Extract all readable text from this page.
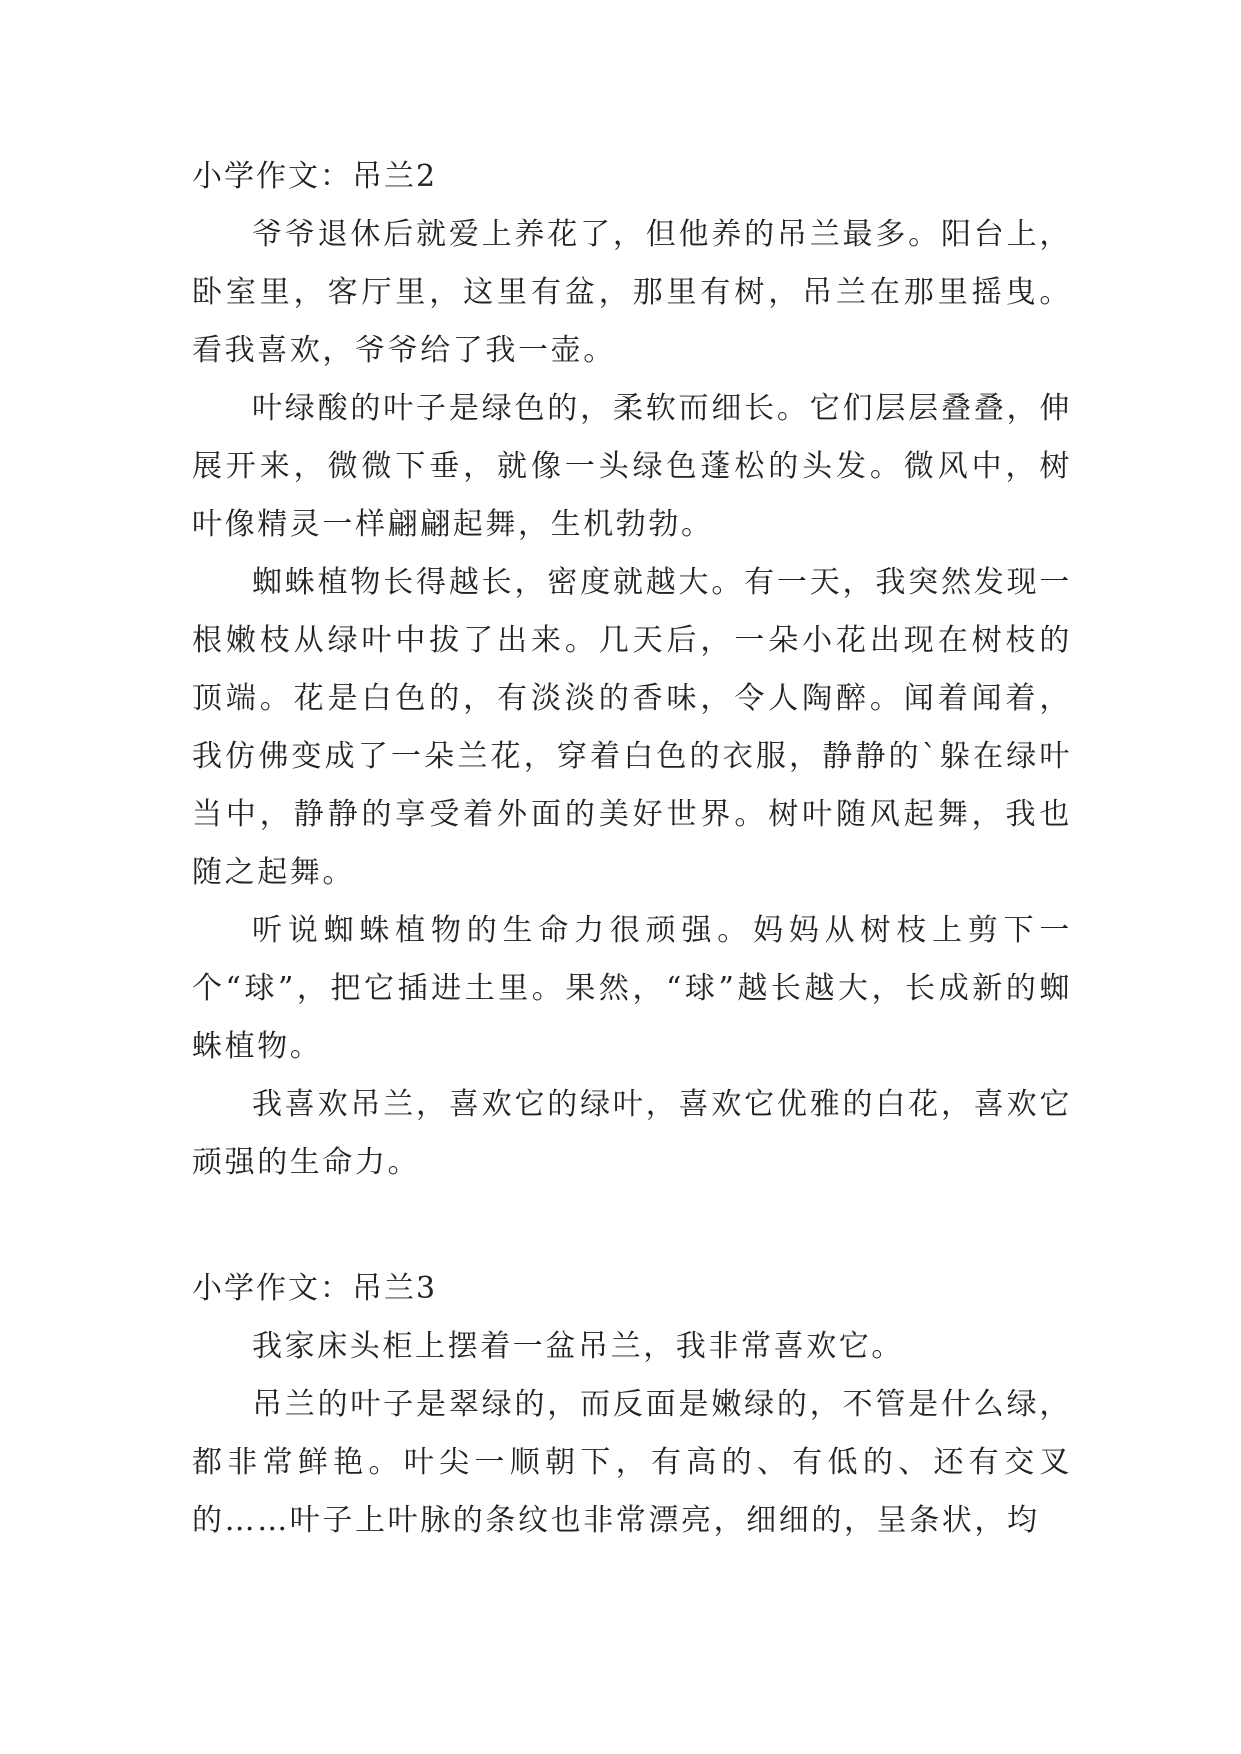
小学作文：吊兰2

爷爷退休后就爱上养花了，但他养的吊兰最多。阳台上，卧室里，客厅里，这里有盆，那里有树，吊兰在那里摇曳。看我喜欢，爷爷给了我一壶。

叶绿酸的叶子是绿色的，柔软而细长。它们层层叠叠，伸展开来，微微下垂，就像一头绿色蓬松的头发。微风中，树叶像精灵一样翩翩起舞，生机勃勃。

蜘蛛植物长得越长，密度就越大。有一天，我突然发现一根嫩枝从绿叶中拔了出来。几天后，一朵小花出现在树枝的顶端。花是白色的，有淡淡的香味，令人陶醉。闻着闻着，我仿佛变成了一朵兰花，穿着白色的衣服，静静的`躲在绿叶当中，静静的享受着外面的美好世界。树叶随风起舞，我也随之起舞。

听说蜘蛛植物的生命力很顽强。妈妈从树枝上剪下一个“球”，把它插进土里。果然，“球”越长越大，长成新的蜘蛛植物。

我喜欢吊兰，喜欢它的绿叶，喜欢它优雅的白花，喜欢它顽强的生命力。

小学作文：吊兰3

我家床头柜上摆着一盆吊兰，我非常喜欢它。

吊兰的叶子是翠绿的，而反面是嫩绿的，不管是什么绿，都非常鲜艳。叶尖一顺朝下，有高的、有低的、还有交叉的……叶子上叶脉的条纹也非常漂亮，细细的，呈条状，均
